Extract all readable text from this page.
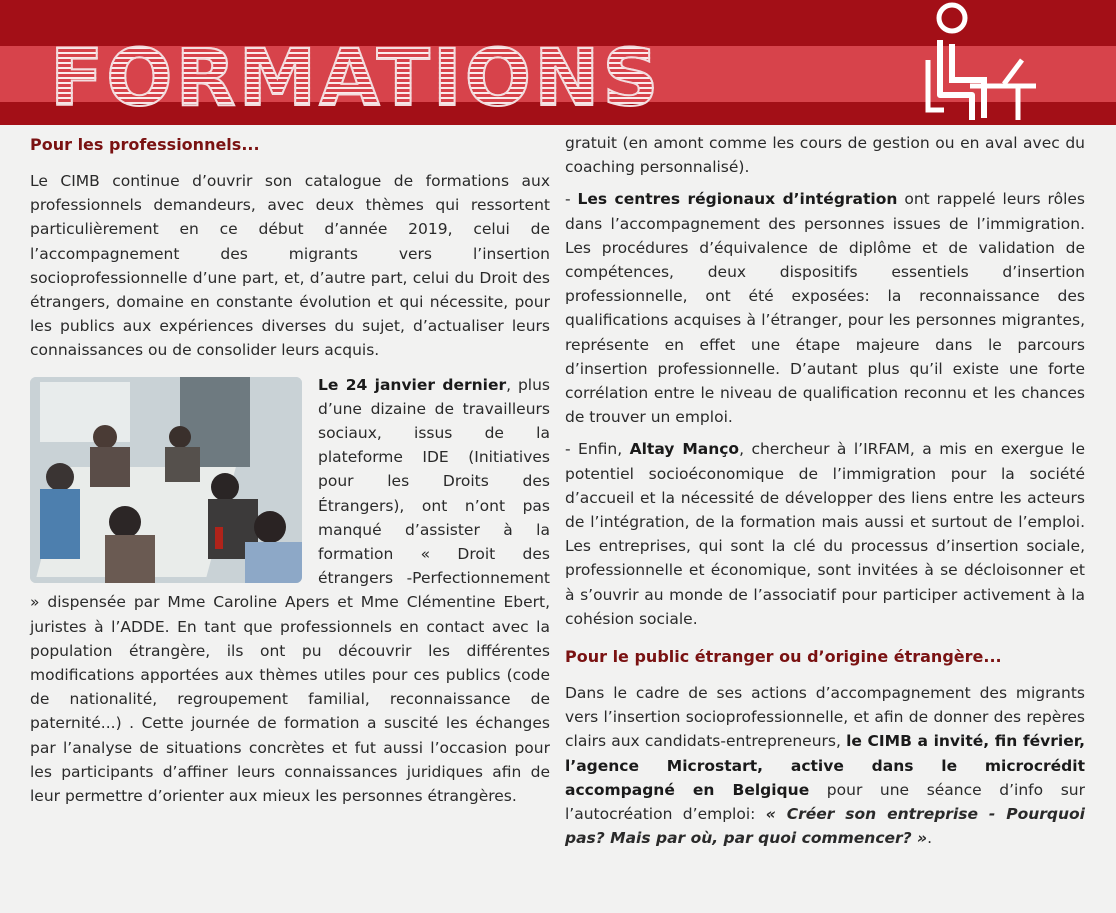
FORMATIONS
Pour les professionnels...

Le CIMB continue d’ouvrir son catalogue de formations aux professionnels demandeurs, avec deux thèmes qui ressortent particulièrement en ce début d’année 2019, celui de l’accompagnement des migrants vers l’insertion socioprofessionnelle d’une part, et, d’autre part, celui du Droit des étrangers, domaine en constante évolution et qui nécessite, pour les publics aux expériences diverses du sujet, d’actualiser leurs connaissances ou de consolider leurs acquis.

Le 24 janvier dernier, plus d’une dizaine de travailleurs sociaux, issus de la plateforme IDE (Initiatives pour les Droits des Étrangers), ont n’ont pas manqué d’assister à la formation « Droit des étrangers -Perfectionnement » dispensée par Mme Caroline Apers et Mme Clémentine Ebert, juristes à l’ADDE. En tant que professionnels en contact avec la population étrangère, ils ont pu découvrir les différentes modifications apportées aux thèmes utiles pour ces publics (code de nationalité, regroupement familial, reconnaissance de paternité...) . Cette journée de formation a suscité les échanges par l’analyse de situations concrètes et fut aussi l’occasion pour les participants d’affiner leurs connaissances juridiques afin de leur permettre d’orienter aux mieux les personnes étrangères.

gratuit (en amont comme les cours de gestion ou en aval avec du coaching personnalisé).

- Les centres régionaux d’intégration ont rappelé leurs rôles dans l’accompagnement des personnes issues de l’immigration. Les procédures d’équivalence de diplôme et de validation de compétences, deux dispositifs essentiels d’insertion professionnelle, ont été exposées: la reconnaissance des qualifications acquises à l’étranger, pour les personnes migrantes, représente en effet une étape majeure dans le parcours d’insertion professionnelle. D’autant plus qu’il existe une forte corrélation entre le niveau de qualification reconnu et les chances de trouver un emploi.

- Enfin, Altay Mançο, chercheur à l’IRFAM, a mis en exergue le potentiel socioéconomique de l’immigration pour la société d’accueil et la nécessité de développer des liens entre les acteurs de l’intégration, de la formation mais aussi et surtout de l’emploi. Les entreprises, qui sont la clé du processus d’insertion sociale, professionnelle et économique, sont invitées à se décloisonner et à s’ouvrir au monde de l’associatif pour participer activement à la cohésion sociale.

Pour le public étranger ou d’origine étrangère...

Dans le cadre de ses actions d’accompagnement des migrants vers l’insertion socioprofessionnelle, et afin de donner des repères clairs aux candidats-entrepreneurs, le CIMB a invité, fin février, l’agence Microstart, active dans le microcrédit accompagné en Belgique pour une séance d’info sur l’autocréation d’emploi: « Créer son entreprise - Pourquoi pas? Mais par où, par quoi commencer? ».
